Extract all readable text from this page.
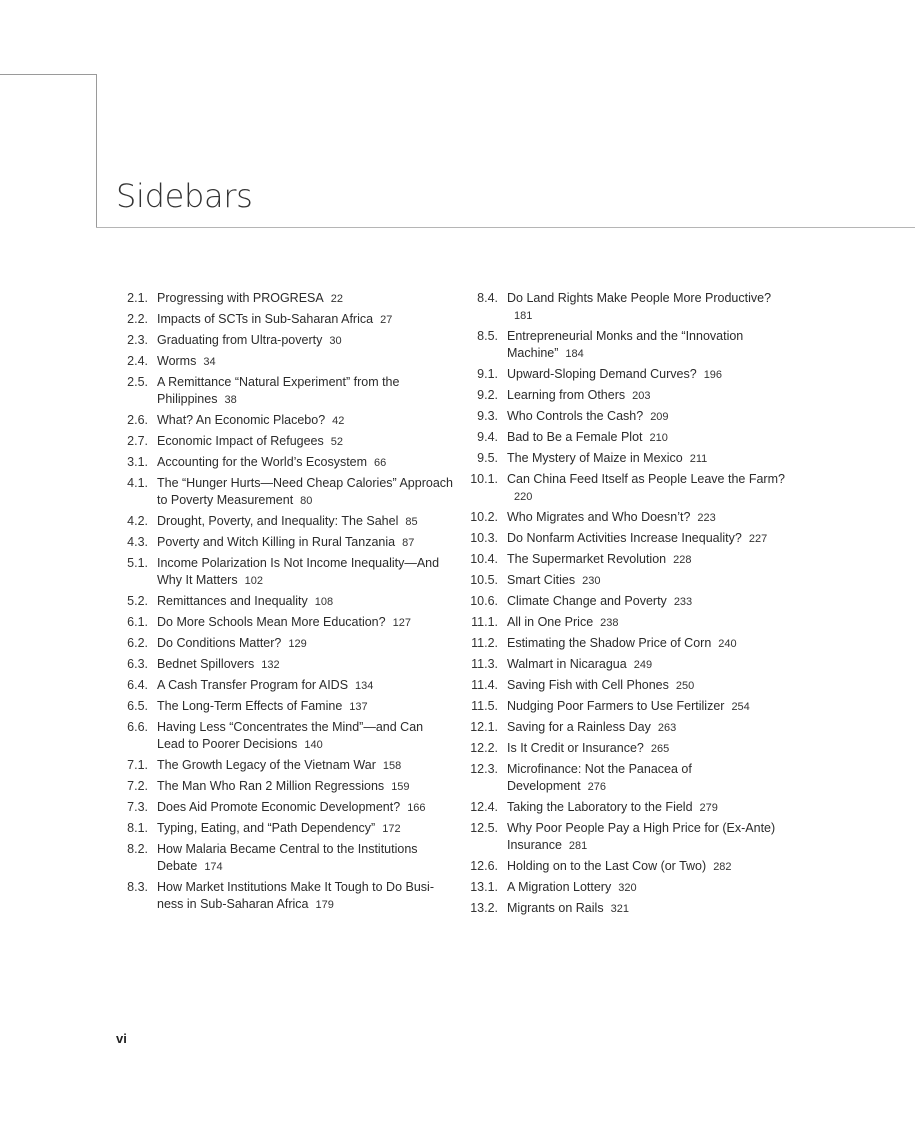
Sidebars
2.1. Progressing with PROGRESA 22
2.2. Impacts of SCTs in Sub-Saharan Africa 27
2.3. Graduating from Ultra-poverty 30
2.4. Worms 34
2.5. A Remittance “Natural Experiment” from the Philippines 38
2.6. What? An Economic Placebo? 42
2.7. Economic Impact of Refugees 52
3.1. Accounting for the World’s Ecosystem 66
4.1. The “Hunger Hurts—Need Cheap Calories” Approach to Poverty Measurement 80
4.2. Drought, Poverty, and Inequality: The Sahel 85
4.3. Poverty and Witch Killing in Rural Tanzania 87
5.1. Income Polarization Is Not Income Inequality—And Why It Matters 102
5.2. Remittances and Inequality 108
6.1. Do More Schools Mean More Education? 127
6.2. Do Conditions Matter? 129
6.3. Bednet Spillovers 132
6.4. A Cash Transfer Program for AIDS 134
6.5. The Long-Term Effects of Famine 137
6.6. Having Less “Concentrates the Mind”—and Can Lead to Poorer Decisions 140
7.1. The Growth Legacy of the Vietnam War 158
7.2. The Man Who Ran 2 Million Regressions 159
7.3. Does Aid Promote Economic Development? 166
8.1. Typing, Eating, and “Path Dependency” 172
8.2. How Malaria Became Central to the Institutions Debate 174
8.3. How Market Institutions Make It Tough to Do Business in Sub-Saharan Africa 179
8.4. Do Land Rights Make People More Productive?181
8.5. Entrepreneurial Monks and the “Innovation Machine” 184
9.1. Upward-Sloping Demand Curves? 196
9.2. Learning from Others 203
9.3. Who Controls the Cash? 209
9.4. Bad to Be a Female Plot 210
9.5. The Mystery of Maize in Mexico 211
10.1. Can China Feed Itself as People Leave the Farm?220
10.2. Who Migrates and Who Doesn’t? 223
10.3. Do Nonfarm Activities Increase Inequality? 227
10.4. The Supermarket Revolution 228
10.5. Smart Cities 230
10.6. Climate Change and Poverty 233
11.1. All in One Price 238
11.2. Estimating the Shadow Price of Corn 240
11.3. Walmart in Nicaragua 249
11.4. Saving Fish with Cell Phones 250
11.5. Nudging Poor Farmers to Use Fertilizer 254
12.1. Saving for a Rainless Day 263
12.2. Is It Credit or Insurance? 265
12.3. Microfinance: Not the Panacea of Development 276
12.4. Taking the Laboratory to the Field 279
12.5. Why Poor People Pay a High Price for (Ex-Ante) Insurance 281
12.6. Holding on to the Last Cow (or Two) 282
13.1. A Migration Lottery 320
13.2. Migrants on Rails 321
vi
